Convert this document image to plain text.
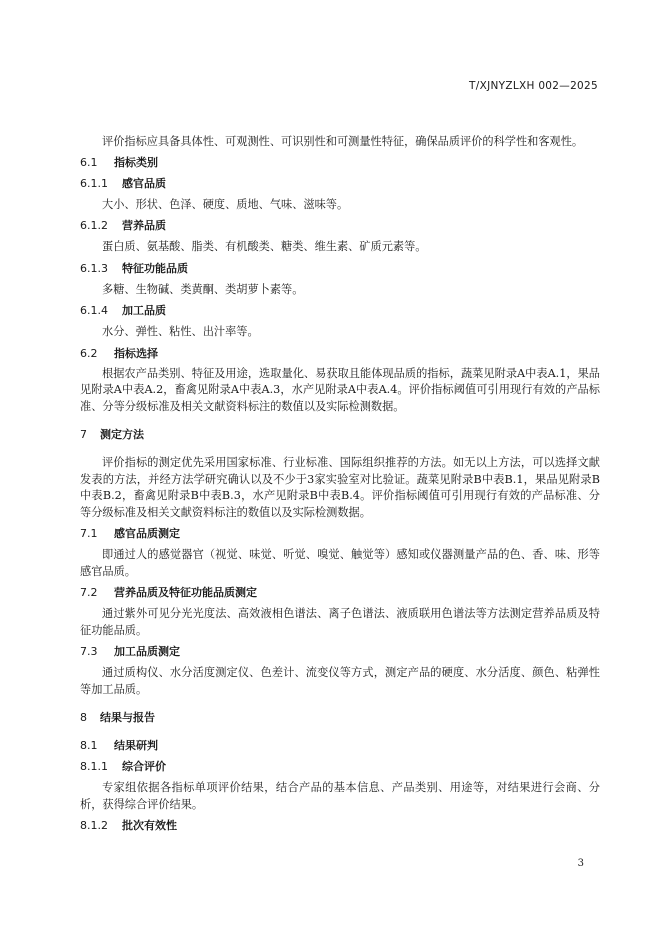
T/XJNYZLXH 002—2025

评价指标应具备具体性、可观测性、可识别性和可测量性特征，确保品质评价的科学性和客观性。

6.1 指标类别
6.1.1 感官品质

大小、形状、色泽、硬度、质地、气味、滋味等。

6.1.2 营养品质

蛋白质、氨基酸、脂类、有机酸类、糖类、维生素、矿质元素等。

6.1.3 特征功能品质

多糖、生物碱、类黄酮、类胡萝卜素等。

6.1.4 加工品质

水分、弹性、粘性、出汁率等。

6.2 指标选择

根据农产品类别、特征及用途，选取量化、易获取且能体现品质的指标，蔬菜见附录A中表A.1，果品见附录A中表A.2，畜禽见附录A中表A.3，水产见附录A中表A.4。评价指标阈值可引用现行有效的产品标准、分等分级标准及相关文献资料标注的数值以及实际检测数据。

7 测定方法

评价指标的测定优先采用国家标准、行业标准、国际组织推荐的方法。如无以上方法，可以选择文献发表的方法，并经方法学研究确认以及不少于3家实验室对比验证。蔬菜见附录B中表B.1，果品见附录B中表B.2，畜禽见附录B中表B.3，水产见附录B中表B.4。评价指标阈值可引用现行有效的产品标准、分等分级标准及相关文献资料标注的数值以及实际检测数据。

7.1 感官品质测定

即通过人的感觉器官（视觉、味觉、听觉、嗅觉、触觉等）感知或仪器测量产品的色、香、味、形等感官品质。

7.2 营养品质及特征功能品质测定

通过紫外可见分光光度法、高效液相色谱法、离子色谱法、液质联用色谱法等方法测定营养品质及特征功能品质。

7.3 加工品质测定

通过质构仪、水分活度测定仪、色差计、流变仪等方式，测定产品的硬度、水分活度、颜色、粘弹性等加工品质。

8 结果与报告
8.1 结果研判
8.1.1 综合评价

专家组依据各指标单项评价结果，结合产品的基本信息、产品类别、用途等，对结果进行会商、分析，获得综合评价结果。

8.1.2 批次有效性
3
